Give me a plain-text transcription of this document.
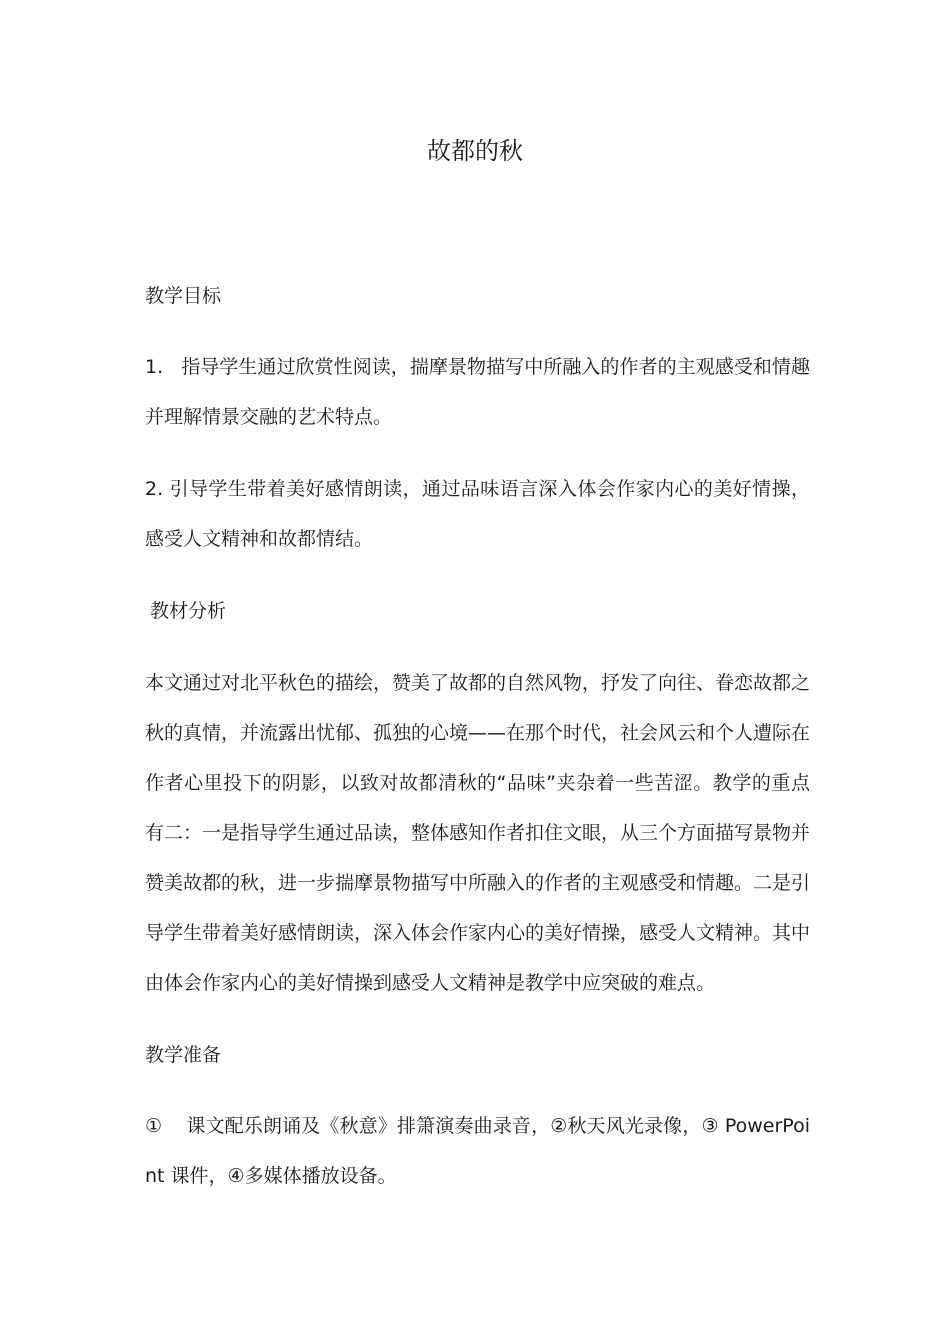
故都的秋

教学目标

1. 指导学生通过欣赏性阅读，揣摩景物描写中所融入的作者的主观感受和情趣并理解情景交融的艺术特点。

2. 引导学生带着美好感情朗读，通过品味语言深入体会作家内心的美好情操，感受人文精神和故都情结。

教材分析

本文通过对北平秋色的描绘，赞美了故都的自然风物，抒发了向往、眷恋故都之秋的真情，并流露出忧郁、孤独的心境——在那个时代，社会风云和个人遭际在作者心里投下的阴影，以致对故都清秋的“品味”夹杂着一些苦涩。教学的重点有二：一是指导学生通过品读，整体感知作者扣住文眼，从三个方面描写景物并赞美故都的秋，进一步揣摩景物描写中所融入的作者的主观感受和情趣。二是引导学生带着美好感情朗读，深入体会作家内心的美好情操，感受人文精神。其中由体会作家内心的美好情操到感受人文精神是教学中应突破的难点。

教学准备

① 课文配乐朗诵及《秋意》排箫演奏曲录音，②秋天风光录像，③ PowerPoint 课件，④多媒体播放设备。
